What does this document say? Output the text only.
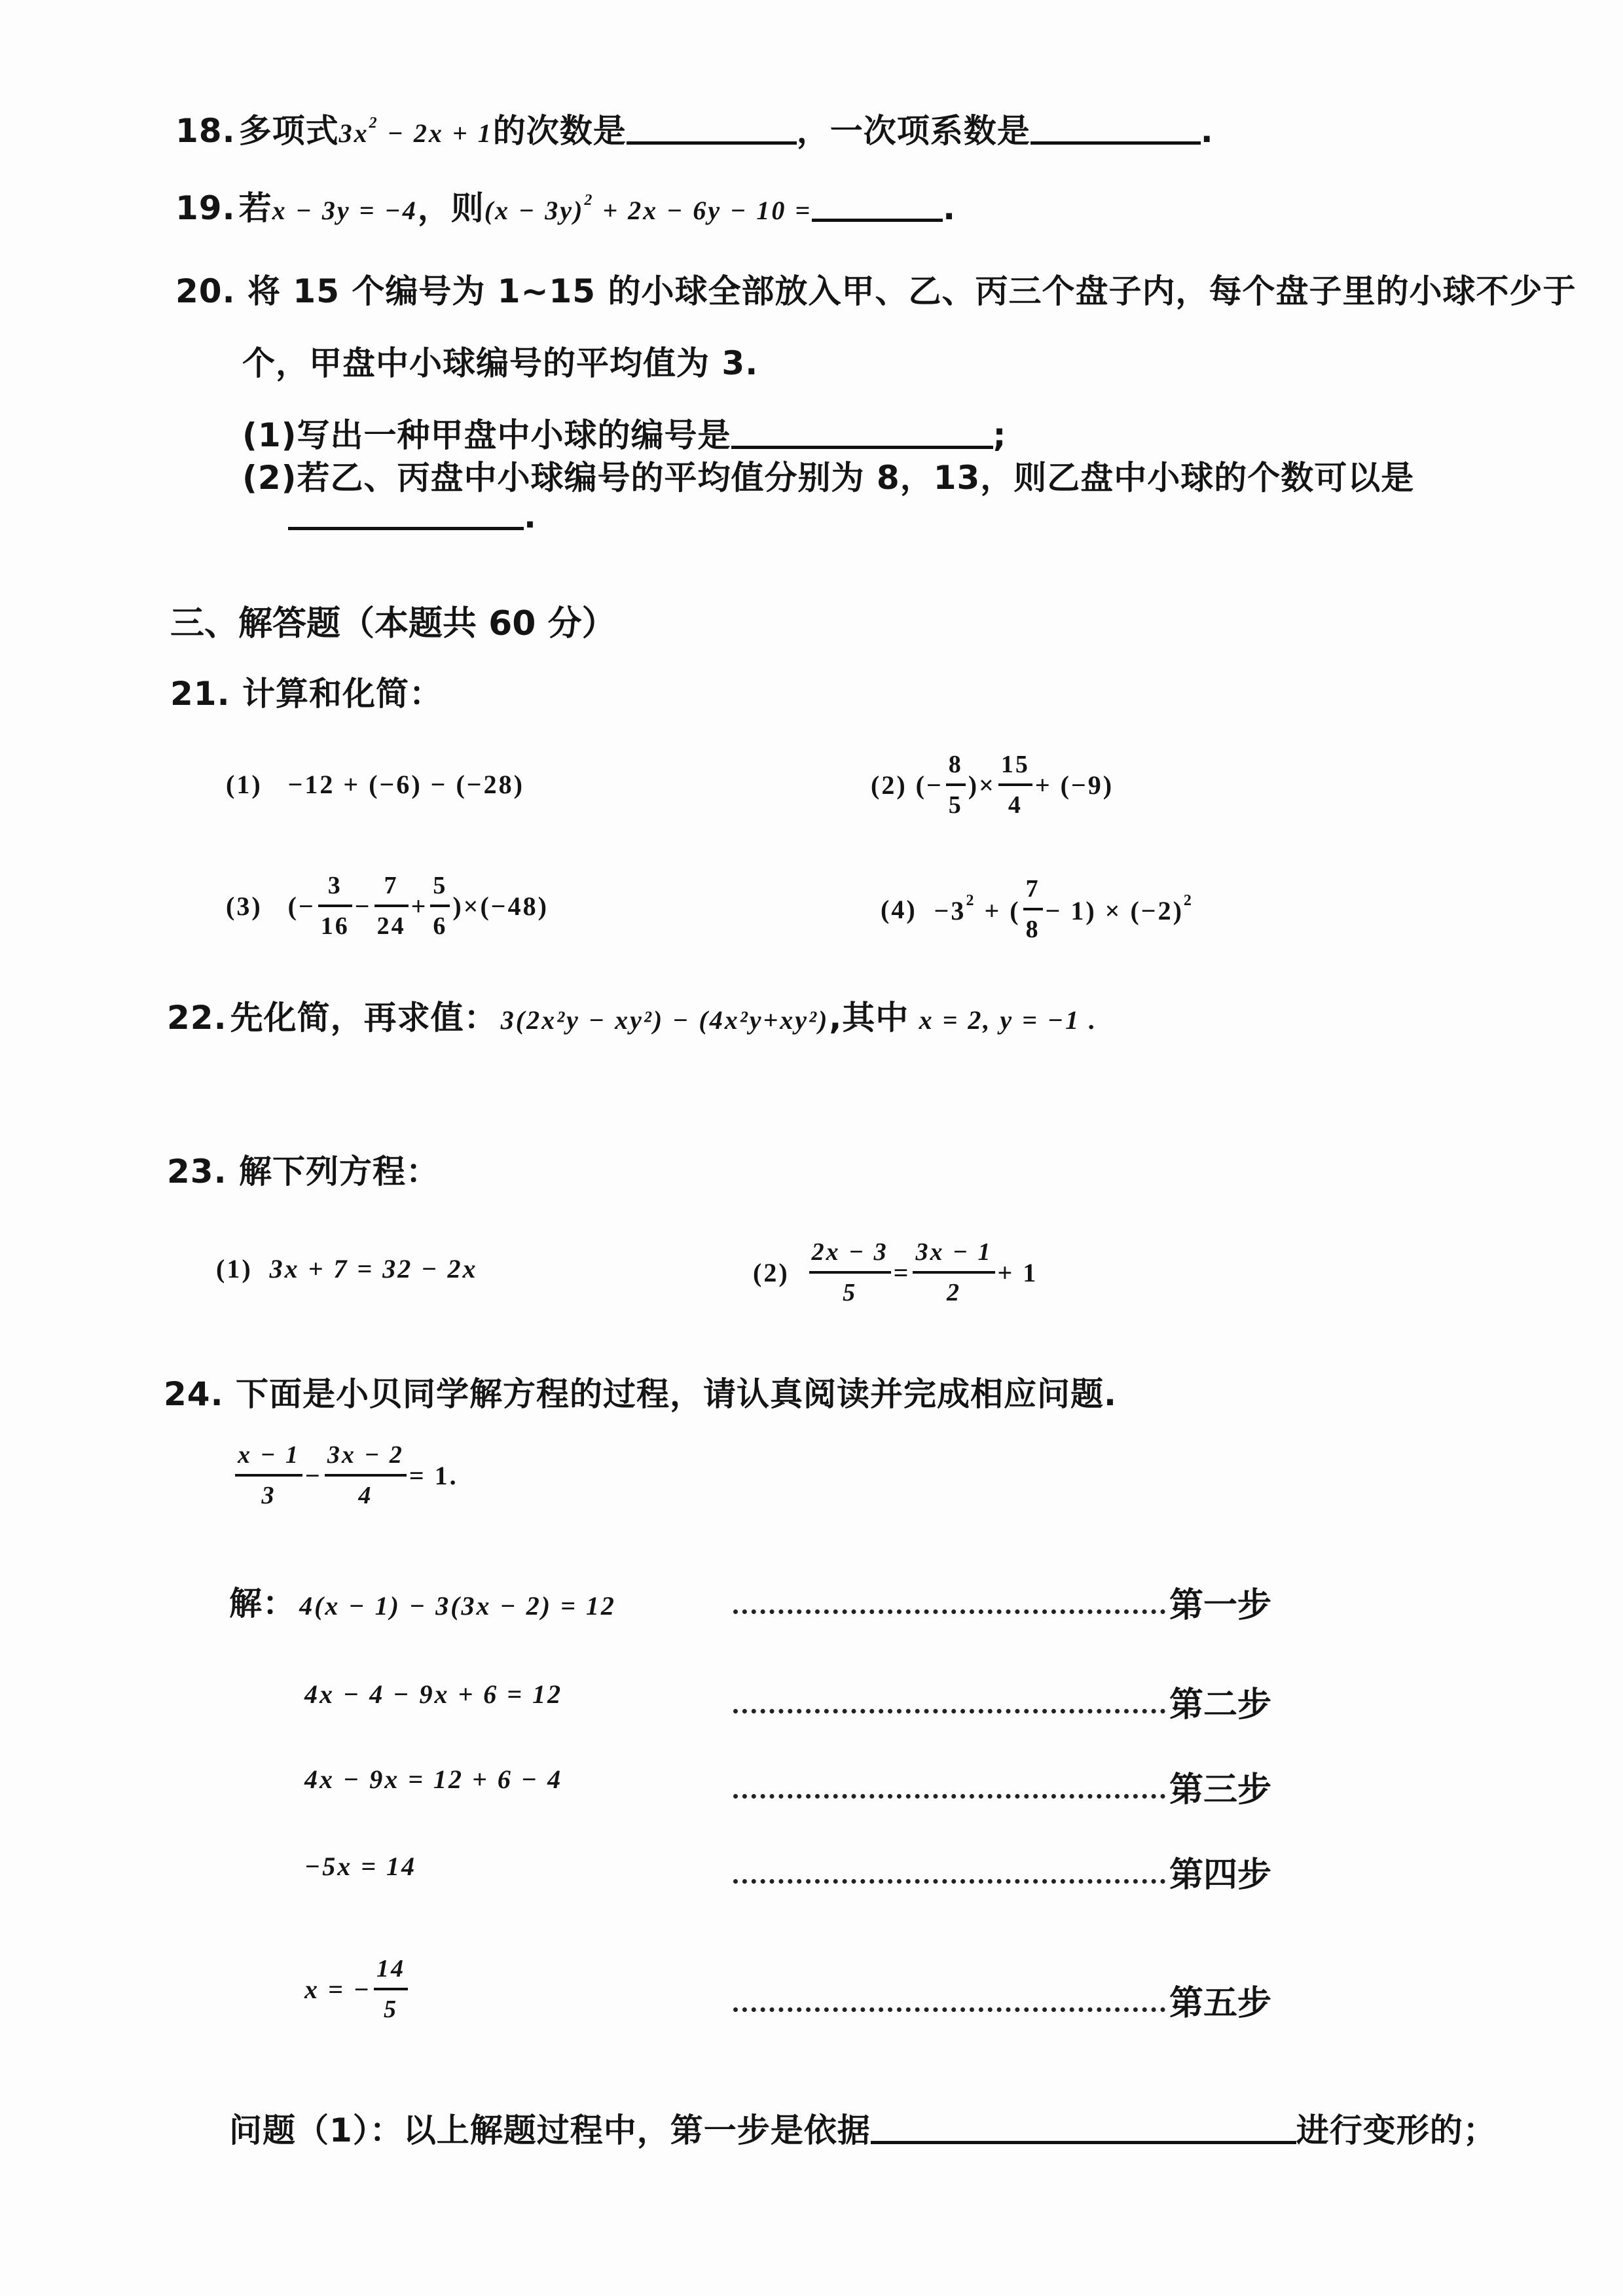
18. 多项式$3x^2 - 2x + 1$的次数是	，一次项系数是	.
19. 若x − 3y = −4，则$(x - 3y)^2 + 2x - 6y - 10$ =	.
20. 将 15 个编号为 1~15 的小球全部放入甲、乙、丙三个盘子内，每个盘子里的小球不少于
个，甲盘中小球编号的平均值为 3.
(1)写出一种甲盘中小球的编号是	;
(2)若乙、丙盘中小球编号的平均值分别为 8，13，则乙盘中小球的个数可以是
.
三、解答题（本题共 60 分）
21. 计算和化简：
(1) −12 + (−6) − (−28)	(2)
(− $\frac{8}{5}$ )× $\frac{15}{4} + (-9)$
(3)
(− $\frac{3}{16} - \frac{7}{24} + \frac{5}{6} )\times(-48)$	(4)
$-3^2$ + ( $\frac{7}{8} - 1) \times (-2)^2$
22. 先化简，再求值： 3(2x²y − xy²) − (4x²y+xy²),其中 x = 2, y = −1 .
23. 解下列方程：
(1) 3x + 7 = 32 − 2x	(2)
$\frac{2x - 3}{5} = \frac{3x - 1}{2} + 1$
24. 下面是小贝同学解方程的过程，请认真阅读并完成相应问题.
$\frac{x - 1}{3} - \frac{3x - 2}{4} = 1$.
解： 4(x − 1) − 3(3x − 2) = 12	第一步
4x − 4 − 9x + 6 = 12	第二步
4x − 9x = 12 + 6 − 4	第三步
−5x = 14	第四步
x = − $\frac{14}{5}$	第五步
问题（1）：以上解题过程中，第一步是依据	进行变形的；
